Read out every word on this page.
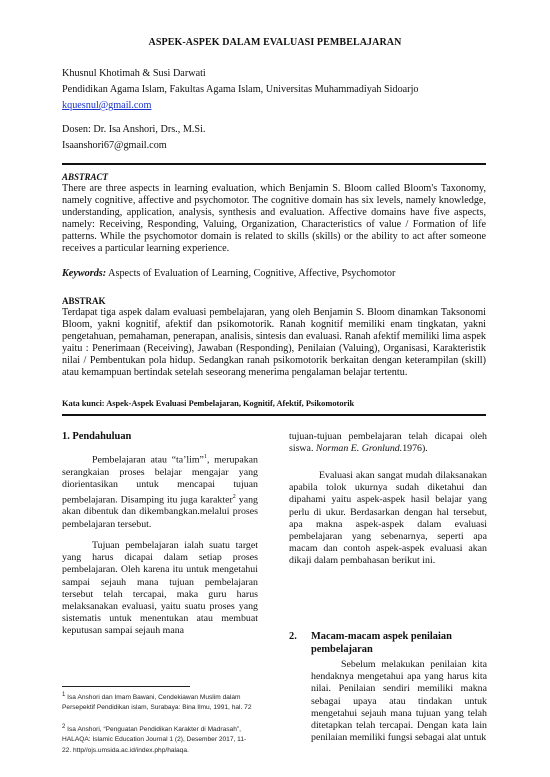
ASPEK-ASPEK DALAM EVALUASI PEMBELAJARAN
Khusnul Khotimah & Susi Darwati
Pendidikan Agama Islam, Fakultas Agama Islam, Universitas Muhammadiyah Sidoarjo
kquesnul@gmail.com
Dosen: Dr. Isa Anshori, Drs., M.Si.
Isaanshori67@gmail.com
ABSTRACT
There are three aspects in learning evaluation, which Benjamin S. Bloom called Bloom's Taxonomy, namely cognitive, affective and psychomotor. The cognitive domain has six levels, namely knowledge, understanding, application, analysis, synthesis and evaluation. Affective domains have five aspects, namely: Receiving, Responding, Valuing, Organization, Characteristics of value / Formation of life patterns. While the psychomotor domain is related to skills (skills) or the ability to act after someone receives a particular learning experience.
Keywords: Aspects of Evaluation of Learning, Cognitive, Affective, Psychomotor
ABSTRAK
Terdapat tiga aspek dalam evaluasi pembelajaran, yang oleh Benjamin S. Bloom dinamkan Taksonomi Bloom, yakni kognitif, afektif dan psikomotorik. Ranah kognitif memiliki enam tingkatan, yakni pengetahuan, pemahaman, penerapan, analisis, sintesis dan evaluasi. Ranah afektif memiliki lima aspek yaitu : Penerimaan (Receiving), Jawaban (Responding), Penilaian (Valuing), Organisasi, Karakteristik nilai / Pembentukan pola hidup. Sedangkan ranah psikomotorik berkaitan dengan keterampilan (skill) atau kemampuan bertindak setelah seseorang menerima pengalaman belajar tertentu.
Kata kunci: Aspek-Aspek Evaluasi Pembelajaran, Kognitif, Afektif, Psikomotorik
1. Pendahuluan
Pembelajaran atau “ta’lim”$^1$, merupakan serangkaian proses belajar mengajar yang diorientasikan untuk mencapai tujuan pembelajaran. Disamping itu juga karakter$^2$ yang akan dibentuk dan dikembangkan.melalui proses pembelajaran tersebut.
Tujuan pembelajaran ialah suatu target yang harus dicapai dalam setiap proses pembelajaran. Oleh karena itu untuk mengetahui sampai sejauh mana tujuan pembelajaran tersebut telah tercapai, maka guru harus melaksanakan evaluasi, yaitu suatu proses yang sistematis untuk menentukan atau membuat keputusan sampai sejauh mana
$^1$ Isa Anshori dan Imam Bawani, Cendekiawan Muslim dalam Persepektif Pendidikan islam, Surabaya: Bina Ilmu, 1991, hal. 72
$^2$ Isa Anshori, “Penguatan Pendidikan Karakter di Madrasah”, HALAQA: Islamic Education Journal 1 (2), Desember 2017, 11-22. http//ojs.umsida.ac.id/index.php/halaqa.
tujuan-tujuan pembelajaran telah dicapai oleh siswa. Norman E. Gronlund.1976).
Evaluasi akan sangat mudah dilaksanakan apabila tolok ukurnya sudah diketahui dan dipahami yaitu aspek-aspek hasil belajar yang perlu di ukur. Berdasarkan dengan hal tersebut, apa makna aspek-aspek dalam evaluasi pembelajaran yang sebenarnya, seperti apa macam dan contoh aspek-aspek evaluasi akan dikaji dalam pembahasan berikut ini.
2. Macam-macam aspek penilaian
pembelajaran
Sebelum melakukan penilaian kita hendaknya mengetahui apa yang harus kita nilai. Penilaian sendiri memiliki makna sebagai upaya atau tindakan untuk mengetahui sejauh mana tujuan yang telah ditetapkan telah tercapai. Dengan kata lain penilaian memiliki fungsi sebagai alat untuk
